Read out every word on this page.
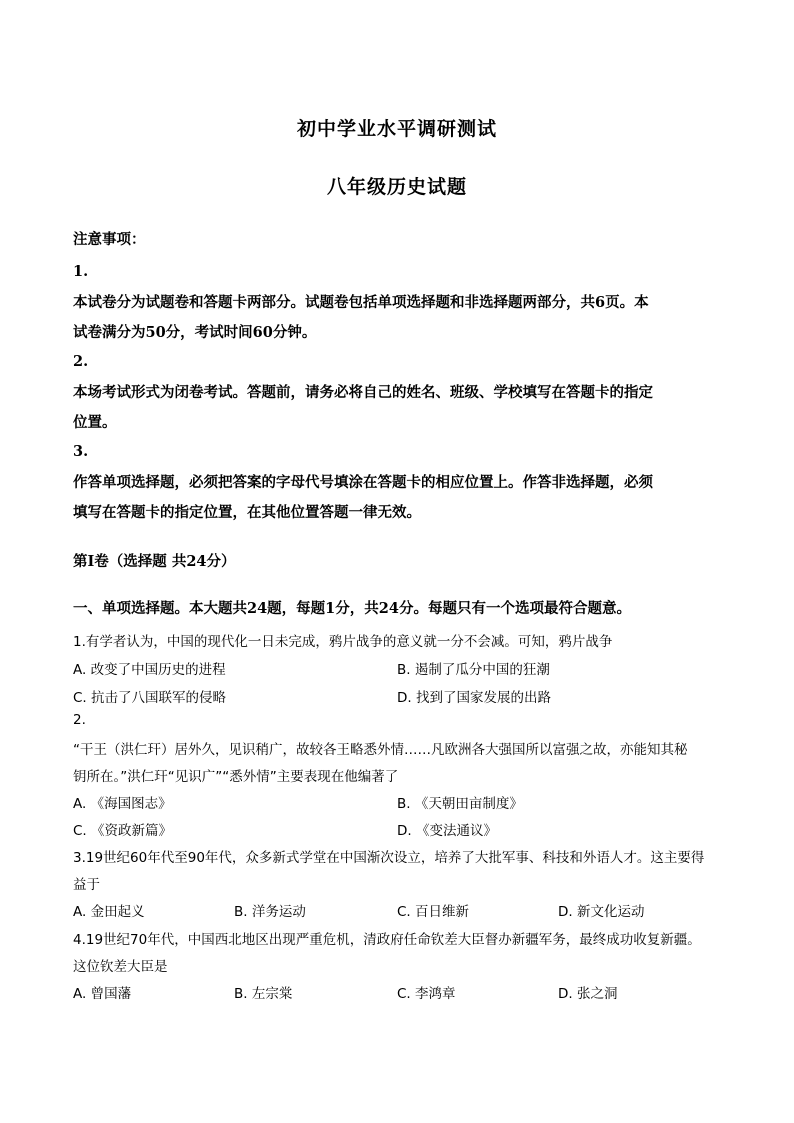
初中学业水平调研测试
八年级历史试题
注意事项：
1.
本试卷分为试题卷和答题卡两部分。试题卷包括单项选择题和非选择题两部分，共6页。本
试卷满分为50分，考试时间60分钟。
2.
本场考试形式为闭卷考试。答题前，请务必将自己的姓名、班级、学校填写在答题卡的指定
位置。
3.
作答单项选择题，必须把答案的字母代号填涂在答题卡的相应位置上。作答非选择题，必须
填写在答题卡的指定位置，在其他位置答题一律无效。
第Ⅰ卷（选择题 共24分）
一、单项选择题。本大题共24题，每题1分，共24分。每题只有一个选项最符合题意。
1.有学者认为，中国的现代化一日未完成，鸦片战争的意义就一分不会减。可知，鸦片战争
A. 改变了中国历史的进程	B. 遏制了瓜分中国的狂潮
C. 抗击了八国联军的侵略	D. 找到了国家发展的出路
2.
“干王（洪仁玕）居外久，见识稍广，故较各王略悉外情……凡欧洲各大强国所以富强之故，亦能知其秘
钥所在。”洪仁玕“见识广”“悉外情”主要表现在他编著了
A. 《海国图志》	B. 《天朝田亩制度》
C. 《资政新篇》	D. 《变法通议》
3.19世纪60年代至90年代，众多新式学堂在中国渐次设立，培养了大批军事、科技和外语人才。这主要得
益于
A. 金田起义	B. 洋务运动	C. 百日维新	D. 新文化运动
4.19世纪70年代，中国西北地区出现严重危机，清政府任命钦差大臣督办新疆军务，最终成功收复新疆。
这位钦差大臣是
A. 曾国藩	B. 左宗棠	C. 李鸿章	D. 张之洞
